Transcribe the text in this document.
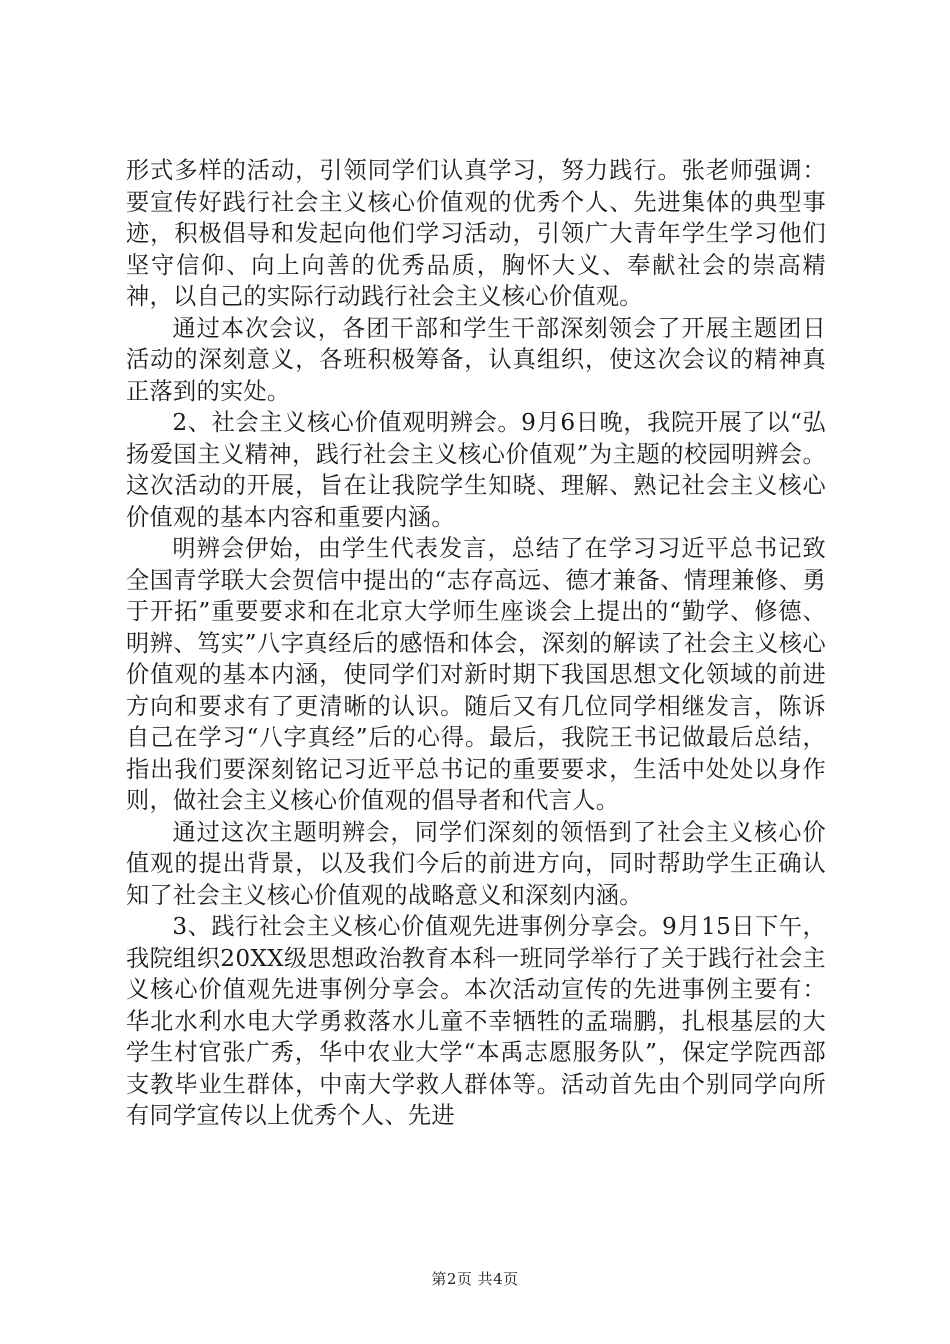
形式多样的活动，引领同学们认真学习，努力践行。张老师强调：要宣传好践行社会主义核心价值观的优秀个人、先进集体的典型事迹，积极倡导和发起向他们学习活动，引领广大青年学生学习他们坚守信仰、向上向善的优秀品质，胸怀大义、奉献社会的崇高精神，以自己的实际行动践行社会主义核心价值观。

通过本次会议，各团干部和学生干部深刻领会了开展主题团日活动的深刻意义，各班积极筹备，认真组织，使这次会议的精神真正落到的实处。

2、社会主义核心价值观明辨会。9月6日晚，我院开展了以“弘扬爱国主义精神，践行社会主义核心价值观”为主题的校园明辨会。这次活动的开展，旨在让我院学生知晓、理解、熟记社会主义核心价值观的基本内容和重要内涵。

明辨会伊始，由学生代表发言，总结了在学习习近平总书记致全国青学联大会贺信中提出的“志存高远、德才兼备、情理兼修、勇于开拓”重要要求和在北京大学师生座谈会上提出的“勤学、修德、明辨、笃实”八字真经后的感悟和体会，深刻的解读了社会主义核心价值观的基本内涵，使同学们对新时期下我国思想文化领域的前进方向和要求有了更清晰的认识。随后又有几位同学相继发言，陈诉自己在学习“八字真经”后的心得。最后，我院王书记做最后总结，指出我们要深刻铭记习近平总书记的重要要求，生活中处处以身作则，做社会主义核心价值观的倡导者和代言人。

通过这次主题明辨会，同学们深刻的领悟到了社会主义核心价值观的提出背景，以及我们今后的前进方向，同时帮助学生正确认知了社会主义核心价值观的战略意义和深刻内涵。

3、践行社会主义核心价值观先进事例分享会。9月15日下午，我院组织20XX级思想政治教育本科一班同学举行了关于践行社会主义核心价值观先进事例分享会。本次活动宣传的先进事例主要有：华北水利水电大学勇救落水儿童不幸牺牲的孟瑞鹏，扎根基层的大学生村官张广秀，华中农业大学“本禹志愿服务队”，保定学院西部支教毕业生群体，中南大学救人群体等。活动首先由个别同学向所有同学宣传以上优秀个人、先进

第2页 共4页
